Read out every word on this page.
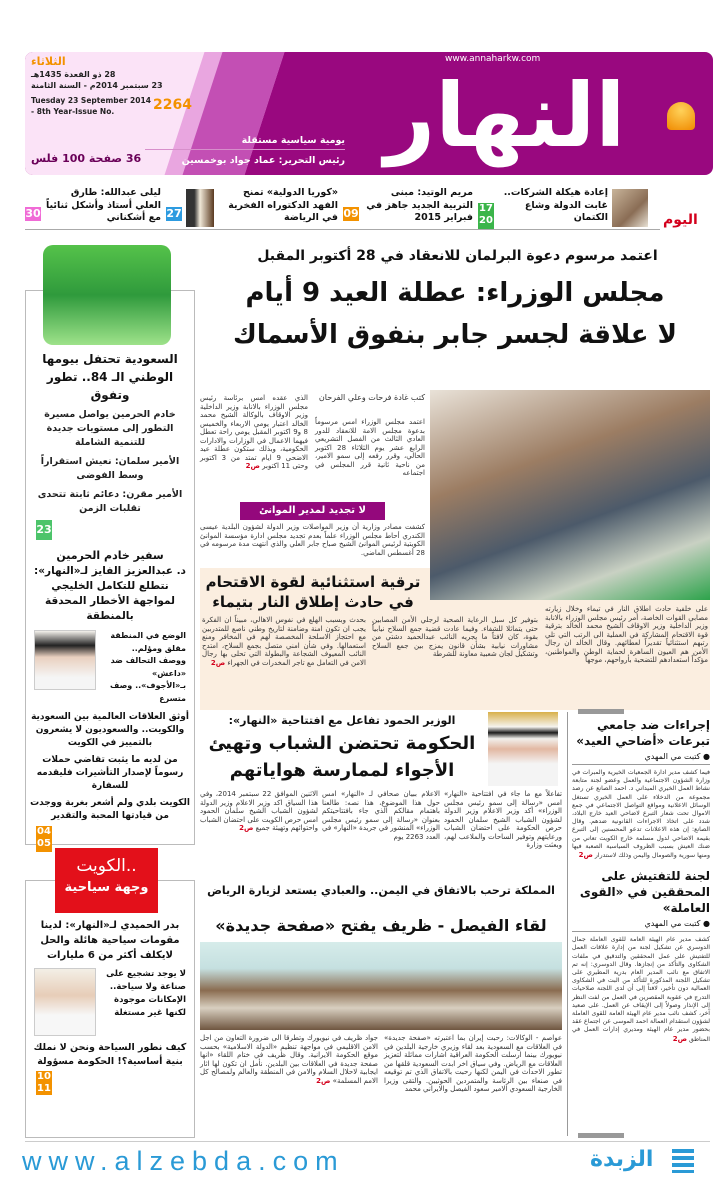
الثلاثاء
28 ذو القعدة 1435هـ
23 سبتمبر 2014م - السنة الثامنة
Tuesday 23 September 2014
- 8th Year-Issue No.	2264
36 صفحة 100 فلس
www.annaharkw.com
النهار
يومية سياسية مستقلة
رئيس التحرير: عماد جواد بوخمسين
اليوم
إعادة هيكلة الشركات.. غابت الدولة وشاع الكتمان
17 20
مريم الوتيد: مبنى التربية الجديد جاهز في فبراير 2015
09
«كوريا الدولية» تمنح الفهد الدكتوراه الفخرية في الرياضة
27
ليلى عبدالله: طارق العلي أستاذ وأشكل ثنائياً مع أشكناني
30
السعودية تحتفل بيومها الوطني الـ 84.. تطور وتفوق
خادم الحرمين يواصل مسيرة التطور إلى مستويات جديدة للتنمية الشاملة
الأمير سلمان: نعيش استقراراً وسط الفوضى
الأمير مقرن: دعائم ثابتة تتحدى تقلبات الزمن
23
سفير خادم الحرمين
د. عبدالعزيز الفايز لـ«النهار»: نتطلع للتكامل الخليجي لمواجهة الأخطار المحدقة بالمنطقة
الوضع في المنطقة مقلق ومؤلم.. ووصف التحالف ضد «داعش» بـ«الأجوف».. وصف متسرع
أوثق العلاقات العالمية بين السعودية والكويت.. والسعوديون لا يشعرون بالتمييز في الكويت
من لديه ما يثبت تقاضي حملات رسوماً لإصدار التأشيرات فليقدمه للسفارة
الكويت بلدي ولم أشعر بغربة ووجدت من قيادتها المحبة والتقدير
04 05
الكويت..
وجهة سياحية
بدر الحميدي لـ«النهار»: لدينا مقومات سياحية هائلة والحل لايكلف أكثر من 6 مليارات
لا يوجد تشجيع على صناعة ولا سياحة.. الإمكانات موجودة لكنها غير مستغلة
كيف نطور السياحة ونحن لا نملك بنية أساسية؟! الحكومة مسؤولة
10 11
اعتمد مرسوم دعوة البرلمان للانعقاد في 28 أكتوبر المقبل
مجلس الوزراء: عطلة العيد 9 أيام
لا علاقة لجسر جابر بنفوق الأسماك
كتب غادة فرحات وعلي الفرحان
اعتمد مجلس الوزراء امس مرسوماً بدعوة مجلس الامة للانعقاد للدور العادي الثالث من الفصل التشريعي الرابع عشر يوم الثلاثاء 28 اكتوبر الحالي، وقرر رفعه إلى سمو الامير، من ناحية ثانية قرر المجلس في اجتماعه
الذي عقده امس برئاسة رئيس مجلس الوزراء بالانابة وزير الداخلية وزير الاوقاف بالوكالة الشيخ محمد الخالد اعتبار يومي الاربعاء والخميس 8 و9 اكتوبر المقبل يومي راحة تعطل فيهما الاعمال في الوزارات والادارات الحكومية، وبذلك ستكون عطلة عيد الاضحى 9 ايام تمتد من 3 اكتوبر وحتى 11 اكتوبر ص2
لا تجديد لمدير الموانئ
كشفت مصادر وزارية أن وزير المواصلات وزير الدولة لشؤون البلدية عيسى الكندري أحاط مجلس الوزراء علماً بعدم تجديد مجلس ادارة مؤسسة الموانئ الكويتية لرئيس الموانئ الشيخ صباح جابر العلي والذي انتهت مدة مرسومه في 28 أغسطس الماضي.
ترقية استثنائية لقوة الاقتحام في حادث إطلاق النار بتيماء	على خلفية حادث اطلاق النار في تيماء وخلال زيارته مصابي القوات الخاصة، أمر رئيس مجلس الوزراء بالانابة وزير الداخلية وزير الاوقاف الشيخ محمد الخالد بترقية قوة الاقتحام المشاركة في العملية الى الرتب التي تلي رتبهم استثنائياً تقديراً لعطائهم. وقال الخالد ان رجال الأمن هم العيون الساهرة لحماية الوطن والمواطنين، مؤكداً استعدادهم للتضحية بأرواحهم، موجهاً
بتوفير كل سبل الرعاية الصحية لرجلي الأمن المصابين حتى يتماثلا للشفاء. وفيما عادت قضية جمع السلاح نيابياً بقوة، كان لافتاً ما يجريه النائب عبدالحميد دشتي من مشاورات نيابية بشأن قانون يمزج بين جمع السلاح وتشكيل لجان شعبية معاونة للشرطة
بحدث وبسبب الهلع في نفوس الاهالي، مبيناً ان الفكرة يجب ان تكون امنة وضامنة لتاريخ وطني ناصع للمتدربين مع احتجاز الاسلحة المخصصة لهم في المخافر ومنع استعمالها. وفي شأن امني متصل بجمع السلاح، امتدح النائب المعيوف الشجاعة والبطولة التي تحلى بها رجال الامن في التعامل مع تاجر المخدرات في الجهراء ص2
الوزير الحمود تفاعل مع افتتاحية «النهار»:
الحكومة تحتضن الشباب وتهيئ
الأجواء لممارسة هواياتهم
تفاعلاً مع ما جاء في افتتاحية «النهار» امس «رسالة إلى سمو رئيس مجلس الوزراء» أكد وزير الاعلام وزير الدولة لشؤون الشباب الشيخ سلمان الحمود حرص الحكومة على احتضان الشباب ورعايتهم وتوفير الساحات والملاعب لهم، وبعثت وزارة
الاعلام ببيان صحافي لـ «النهار» امس حول هذا الموضوع، هذا نصه: طالعنا باهتمام مقالكم الذي جاء بافتتاحيتكم بعنوان «رسالة إلى سمو رئيس مجلس الوزراء» المنشور في جريدة «النهار» في العدد 2263 يوم
الاثنين الموافق 22 سبتمبر 2014، وفي هذا السياق اكد وزير الاعلام وزير الدولة لشؤون الشباب الشيخ سلمان الحمود امس حرص الكويت على احتضان الشباب واحتوائهم وتهيئة جميع ص2
المملكة ترحب بالاتفاق في اليمن.. والعبادي يستعد لزيارة الرياض
لقاء الفيصل - ظريف يفتح «صفحة جديدة»
عواصم - الوكالات: رحبت إيران بما اعتبرته «صفحة جديدة» في العلاقات مع السعودية بعد لقاء وزيري خارجية البلدين في نيويورك بينما ارسلت الحكومة العراقية اشارات مماثلة لتعزيز العلاقات مع الرياض. وفي سياق اخر ابدت السعودية قلقها من تطور الاحداث في اليمن لكنها رحبت بالاتفاق الذي تم توقيعه في صنعاء بين الرئاسة والمتمردين الحوثيين. والتقى وزيرا الخارجية السعودي الامير سعود الفيصل والايراني محمد
جواد ظريف في نيويورك وتطرقا الى ضرورة التعاون من اجل الامن الاقليمي في مواجهة تنظيم «الدولة الاسلامية» بحسب موقع الحكومة الايرانية. وقال ظريف في ختام اللقاء «انها صفحة جديدة في العلاقات بين البلدين. نأمل ان تكون لها اثار ايجابية لاحلال السلام والامن في المنطقة والعالم ولمصالح كل الامم المسلمة» ص2
إجراءات ضد جامعي تبرعات «أضاحي العيد»
● كتبت مي المهدي
فيما كشف مدير ادارة الجمعيات الخيرية والمبرات في وزارة الشؤون الاجتماعية والعمل وعضو لجنة متابعة نشاط العمل الخيري الميداني د. احمد الصانع عن رصد مجموعة من الدخلاء على العمل الخيري تستغل الوسائل الاعلانية ومواقع التواصل الاجتماعي في جمع الاموال تحت شعار التبرع لاضاحي العيد خارج البلاد، شدد على اتخاذ الاجراءات القانونية ضدهم. وقال الصانع: إن هذه الاعلانات تدعو المحسنين إلى التبرع بقيمة الاضاحي لدول مسلمة خارج الكويت تعاني من ضنك العيش بسبب الظروف السياسية الصعبة فيها ومنها سورية والصومال واليمن وذلك لاستدرار ص2
لجنة للتفتيش على المحققين في «القوى العاملة»
● كتبت مي المهدي
كشف مدير عام الهيئة العامة للقوى العاملة جمال الدوسري عن تشكيل لجنة من إدارة علاقات العمل للتفتيش على عمل المحققين والتدقيق في ملفات الشكاوى والتأكد من إنجازها. وقال الدوسري: إنه تم الاتفاق مع نائب المدير العام بدرية المطيري على تشكيل اللجنة المذكورة للتأكد من البت في الشكاوى العمالية دون تأخير، لافتاً إلى أن لدى اللجنة صلاحيات التدرج في عقوبة المقصرين في العمل من لفت النظر إلى الإنذار وصولاً إلى الإيقاف عن العمل. على صعيد آخر، كشف نائب مدير عام الهيئة العامة للقوى العاملة لشؤون استقدام العمالة احمد الموسى عن اجتماع عقد بحضور مدير عام الهيئة ومديري إدارات العمل في المناطق ص2
www.alzebda.com	الزبدة
